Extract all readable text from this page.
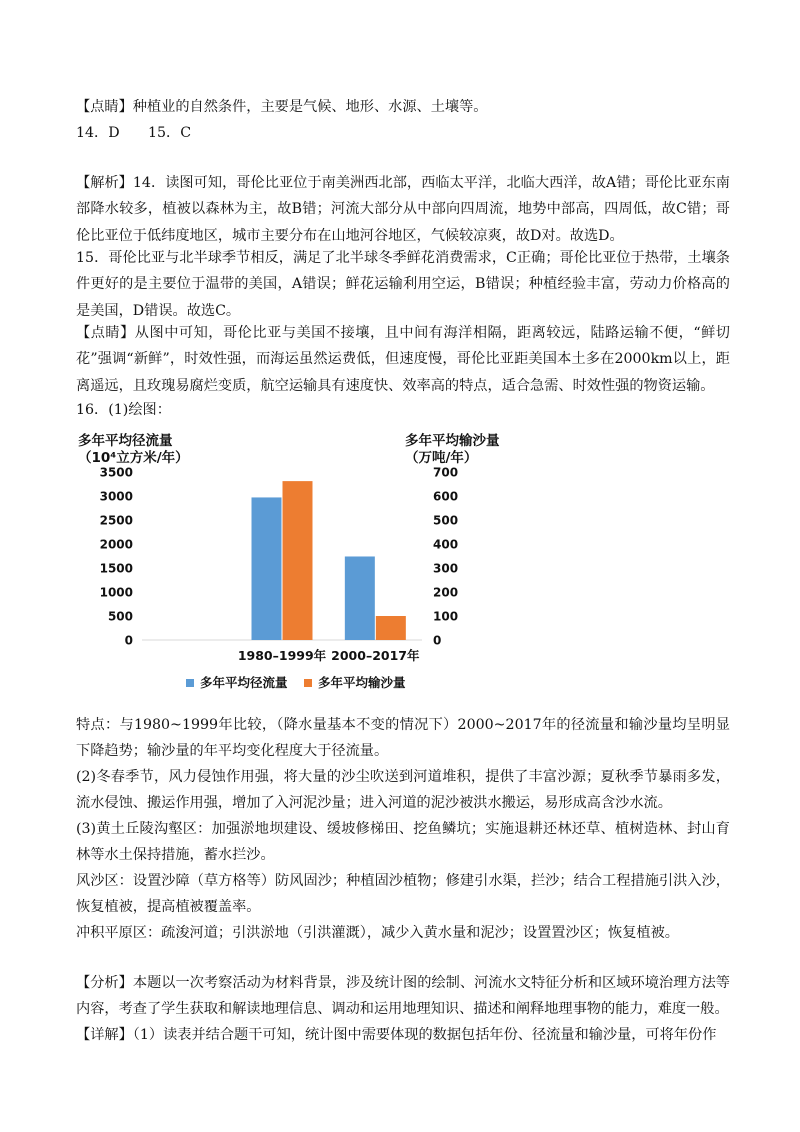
【点睛】种植业的自然条件，主要是气候、地形、水源、土壤等。

14．D　　15．C

【解析】14．读图可知，哥伦比亚位于南美洲西北部，西临太平洋，北临大西洋，故A错；哥伦比亚东南部降水较多，植被以森林为主，故B错；河流大部分从中部向四周流，地势中部高，四周低，故C错；哥伦比亚位于低纬度地区，城市主要分布在山地河谷地区，气候较凉爽，故D对。故选D。

15．哥伦比亚与北半球季节相反，满足了北半球冬季鲜花消费需求，C正确；哥伦比亚位于热带，土壤条件更好的是主要位于温带的美国，A错误；鲜花运输利用空运，B错误；种植经验丰富，劳动力价格高的是美国，D错误。故选C。

【点睛】从图中可知，哥伦比亚与美国不接壤，且中间有海洋相隔，距离较远，陆路运输不便，“鲜切花”强调“新鲜”，时效性强，而海运虽然运费低，但速度慢，哥伦比亚距美国本土多在2000km以上，距离遥远，且玫瑰易腐烂变质，航空运输具有速度快、效率高的特点，适合急需、时效性强的物资运输。

16．(1)绘图：

多年平均径流量
（10⁴立方米/年）
多年平均输沙量
（万吨/年）
3500
3000
2500
2000
1500
1000
500
0
700
600
500
400
300
200
100
0
1980–1999年 2000–2017年
多年平均径流量 多年平均输沙量

特点：与1980~1999年比较，（降水量基本不变的情况下）2000~2017年的径流量和输沙量均呈明显下降趋势；输沙量的年平均变化程度大于径流量。

(2)冬春季节，风力侵蚀作用强，将大量的沙尘吹送到河道堆积，提供了丰富沙源；夏秋季节暴雨多发，流水侵蚀、搬运作用强，增加了入河泥沙量；进入河道的泥沙被洪水搬运，易形成高含沙水流。

(3)黄土丘陵沟壑区：加强淤地坝建设、缓坡修梯田、挖鱼鳞坑；实施退耕还林还草、植树造林、封山育林等水土保持措施，蓄水拦沙。

风沙区：设置沙障（草方格等）防风固沙；种植固沙植物；修建引水渠，拦沙；结合工程措施引洪入沙，恢复植被，提高植被覆盖率。

冲积平原区：疏浚河道；引洪淤地（引洪灌溉），减少入黄水量和泥沙；设置置沙区；恢复植被。

【分析】本题以一次考察活动为材料背景，涉及统计图的绘制、河流水文特征分析和区域环境治理方法等内容，考查了学生获取和解读地理信息、调动和运用地理知识、描述和阐释地理事物的能力，难度一般。

【详解】（1）读表并结合题干可知，统计图中需要体现的数据包括年份、径流量和输沙量，可将年份作
